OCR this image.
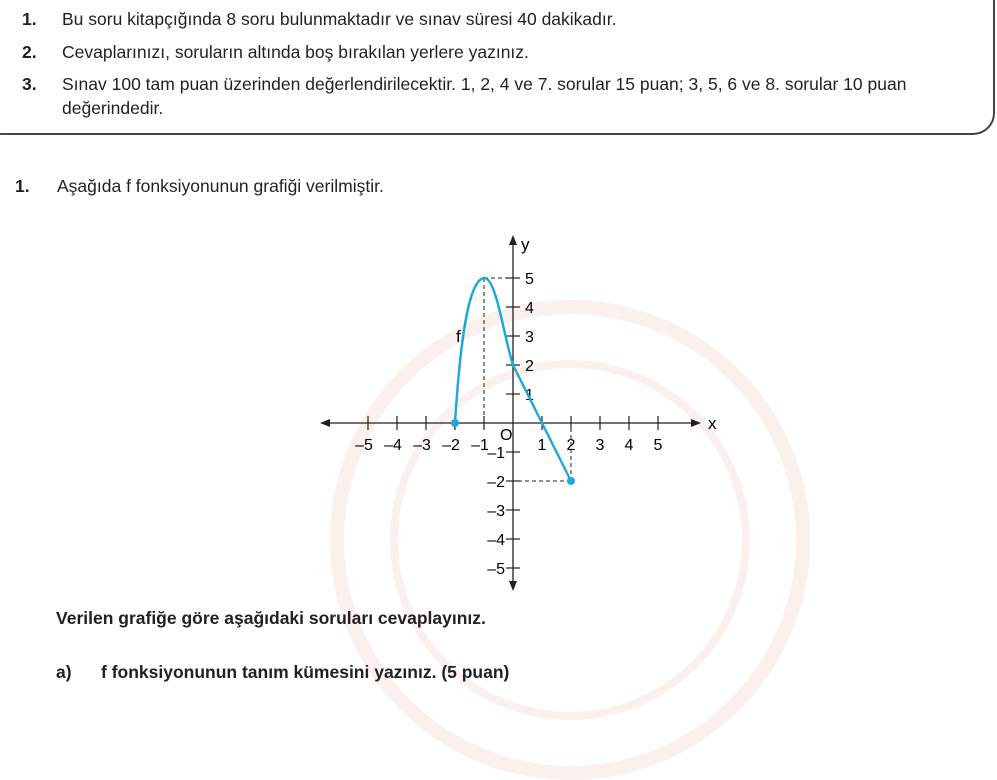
1. Bu soru kitapçığında 8 soru bulunmaktadır ve sınav süresi 40 dakikadır.
2. Cevaplarınızı, soruların altında boş bırakılan yerlere yazınız.
3. Sınav 100 tam puan üzerinden değerlendirilecektir. 1, 2, 4 ve 7. sorular 15 puan; 3, 5, 6 ve 8. sorular 10 puan değerindedir.
1. Aşağıda f fonksiyonunun grafiği verilmiştir.
x
y
O
–5 –4 –3 –2 –1	1 2 3 4 5
5
4
3
2
1
–1
–2
–3
–4
–5
f
Verilen grafiğe göre aşağıdaki soruları cevaplayınız.
a) f fonksiyonunun tanım kümesini yazınız. (5 puan)
